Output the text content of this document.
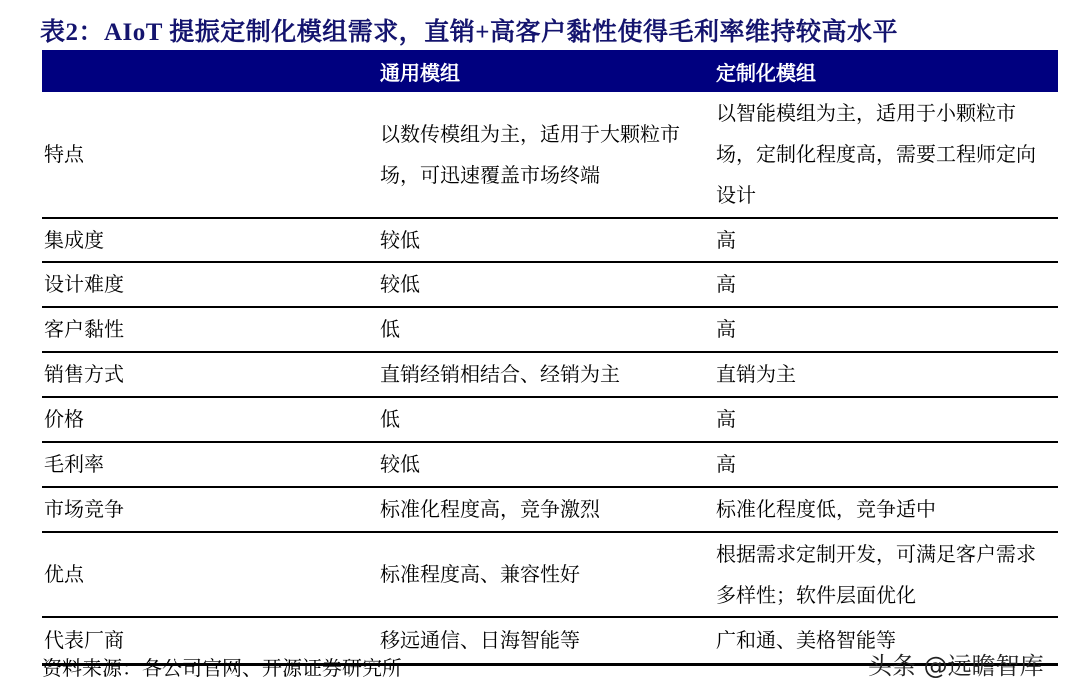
表2：AIoT 提振定制化模组需求，直销+高客户黏性使得毛利率维持较高水平
	通用模组	定制化模组
特点	以数传模组为主，适用于大颗粒市场，可迅速覆盖市场终端	以智能模组为主，适用于小颗粒市场，定制化程度高，需要工程师定向设计
集成度	较低	高
设计难度	较低	高
客户黏性	低	高
销售方式	直销经销相结合、经销为主	直销为主
价格	低	高
毛利率	较低	高
市场竞争	标准化程度高，竞争激烈	标准化程度低，竞争适中
优点	标准程度高、兼容性好	根据需求定制开发，可满足客户需求多样性；软件层面优化
代表厂商	移远通信、日海智能等	广和通、美格智能等
资料来源：各公司官网、开源证券研究所	头条 @远瞻智库
